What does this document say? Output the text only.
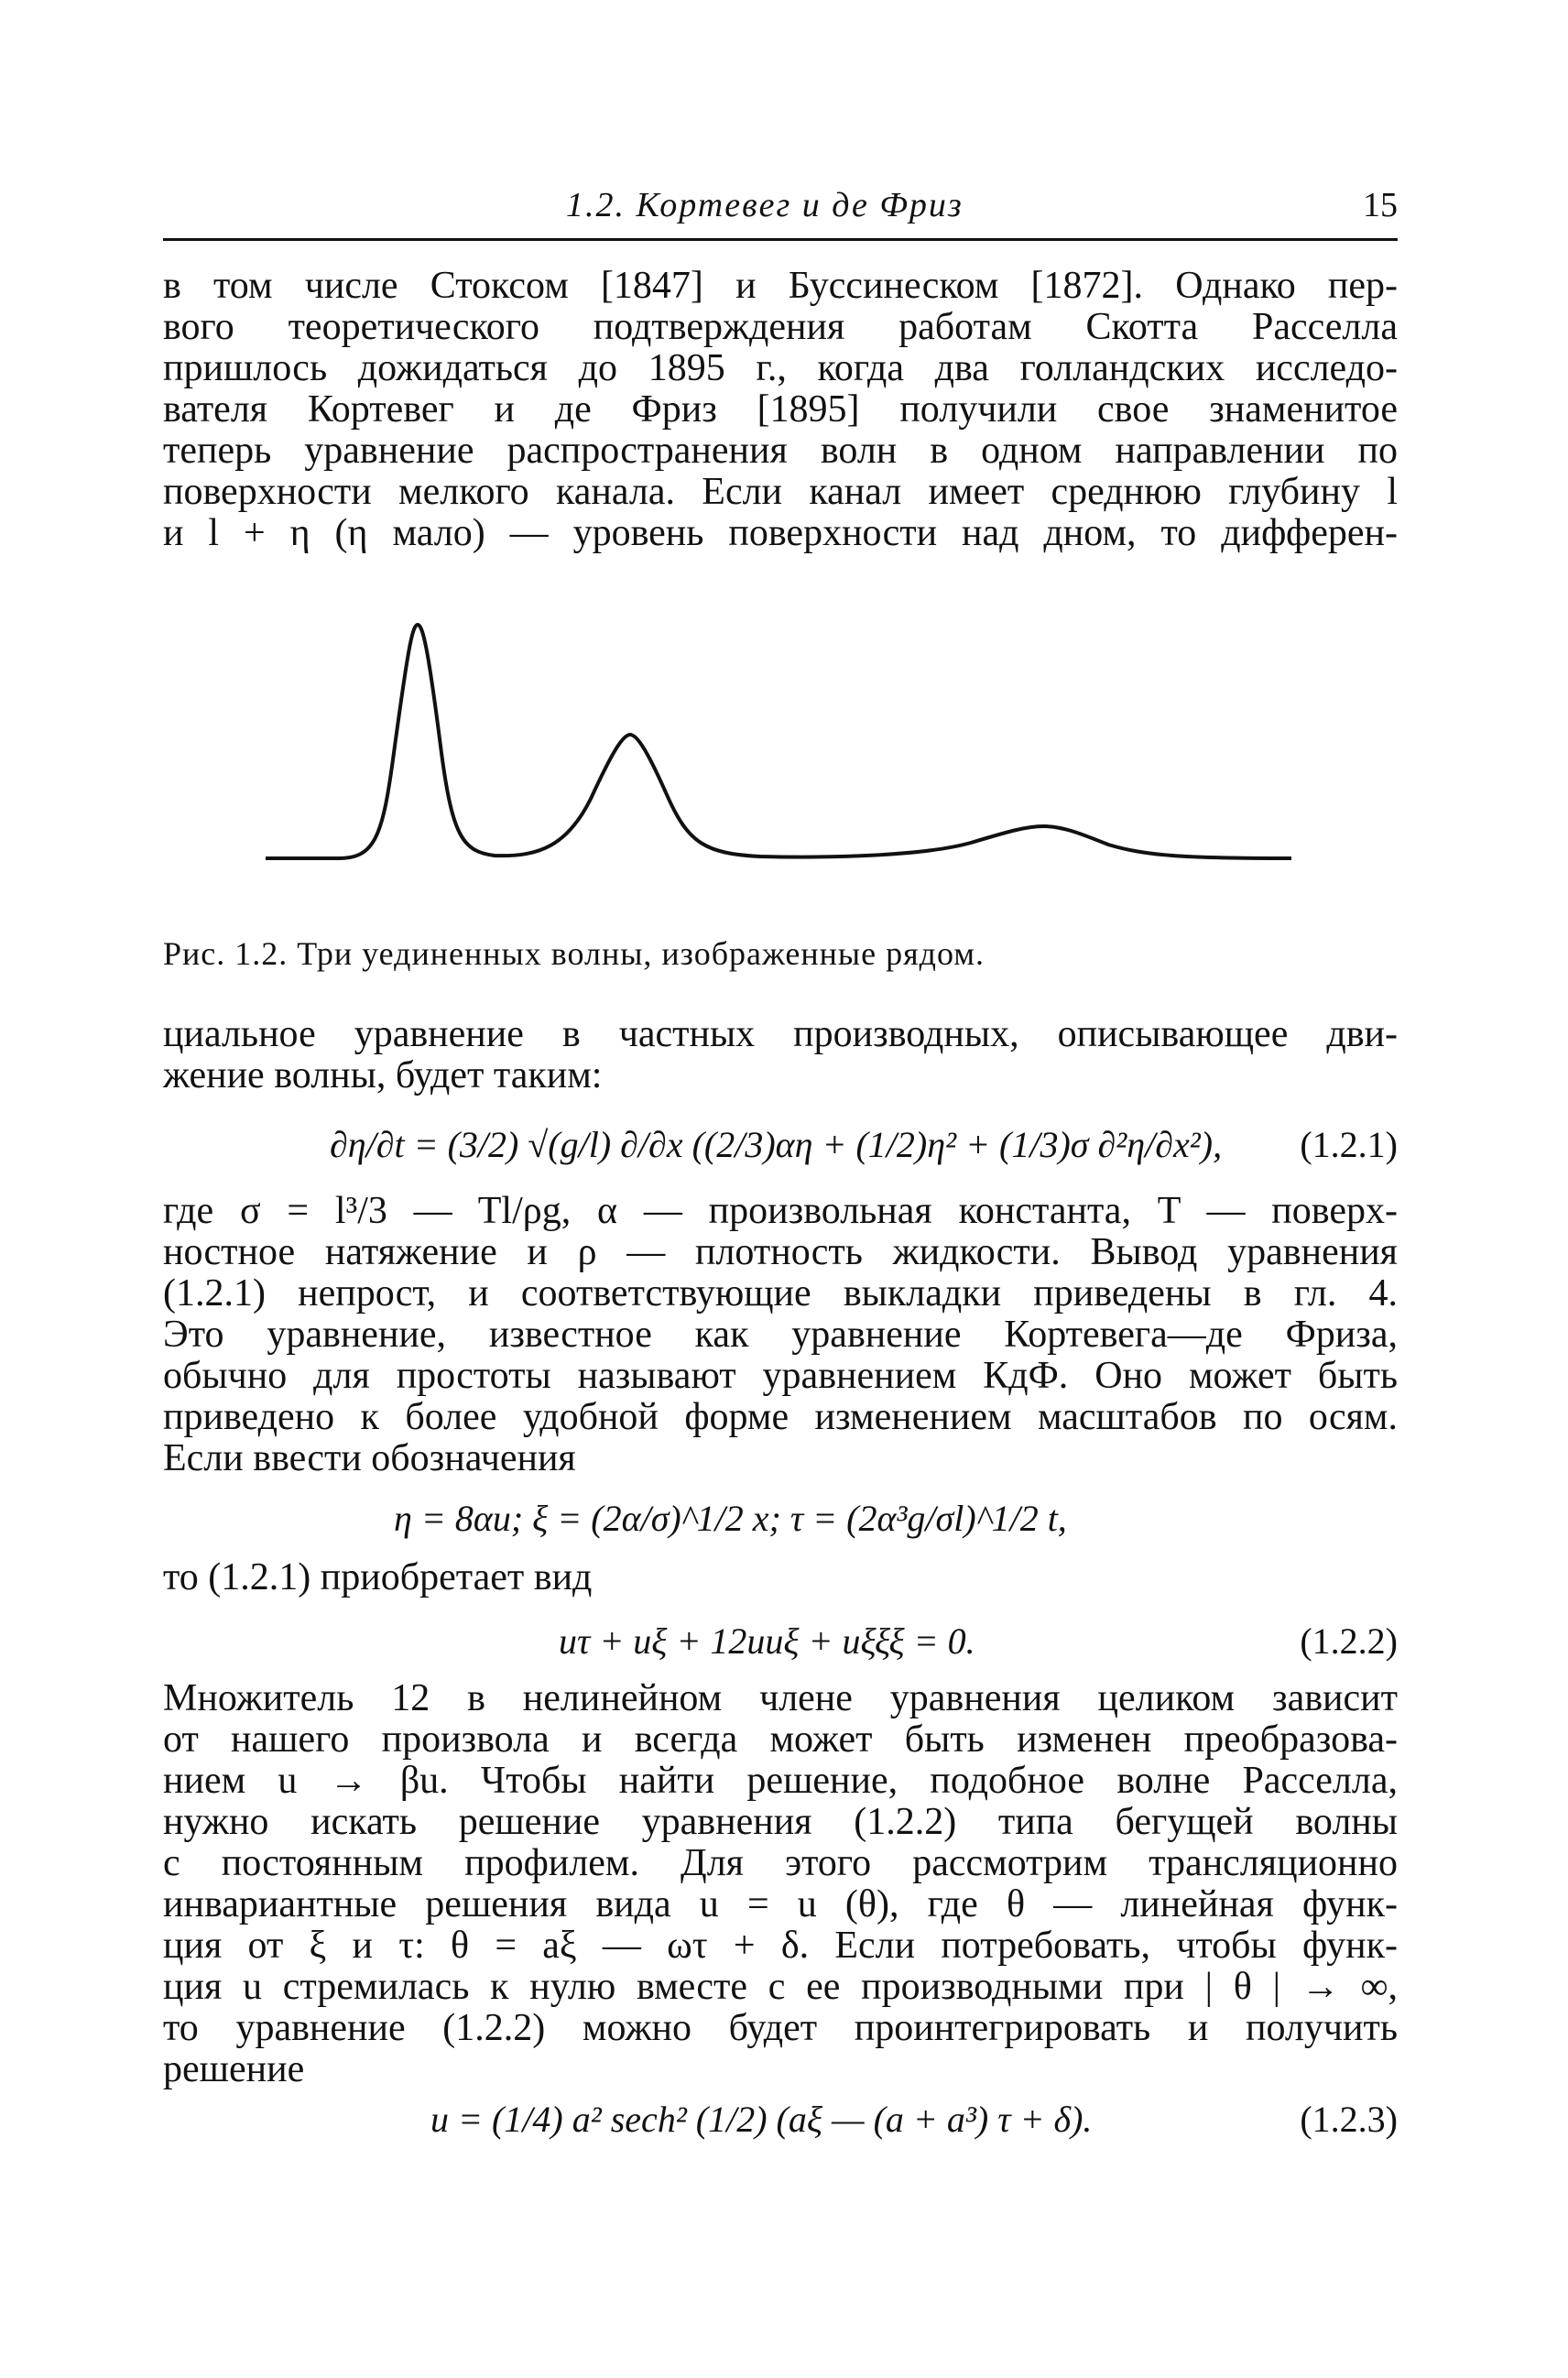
1.2. Кортевег и де Фриз	15
в том числе Стоксом [1847] и Буссинеском [1872]. Однако пер-
вого теоретического подтверждения работам Скотта Расселла
пришлось дожидаться до 1895 г., когда два голландских исследо-
вателя Кортевег и де Фриз [1895] получили свое знаменитое
теперь уравнение распространения волн в одном направлении по
поверхности мелкого канала. Если канал имеет среднюю глубину l
и l + η (η мало) — уровень поверхности над дном, то дифферен-
Рис. 1.2. Три уединенных волны, изображенные рядом.
циальное уравнение в частных производных, описывающее дви-
жение волны, будет таким:
∂η/∂t = (3/2) √(g/l) ∂/∂x ((2/3)αη + (1/2)η² + (1/3)σ ∂²η/∂x²), (1.2.1)
где σ = l³/3 — Tl/ρg, α — произвольная константа, T — поверх-
ностное натяжение и ρ — плотность жидкости. Вывод уравнения
(1.2.1) непрост, и соответствующие выкладки приведены в гл. 4.
Это уравнение, известное как уравнение Кортевега—де Фриза,
обычно для простоты называют уравнением КдФ. Оно может быть
приведено к более удобной форме изменением масштабов по осям.
Если ввести обозначения
η = 8αu; ξ = (2α/σ)^1/2 x; τ = (2α³g/σl)^1/2 t,
то (1.2.1) приобретает вид
uτ + uξ + 12uuξ + uξξξ = 0.	(1.2.2)
Множитель 12 в нелинейном члене уравнения целиком зависит
от нашего произвола и всегда может быть изменен преобразова-
нием u → βu. Чтобы найти решение, подобное волне Расселла,
нужно искать решение уравнения (1.2.2) типа бегущей волны
с постоянным профилем. Для этого рассмотрим трансляционно
инвариантные решения вида u = u (θ), где θ — линейная функ-
ция от ξ и τ: θ = aξ — ωτ + δ. Если потребовать, чтобы функ-
ция u стремилась к нулю вместе с ее производными при | θ | → ∞,
то уравнение (1.2.2) можно будет проинтегрировать и получить
решение
u = (1/4) a² sech² (1/2) (aξ — (a + a³) τ + δ).	(1.2.3)
